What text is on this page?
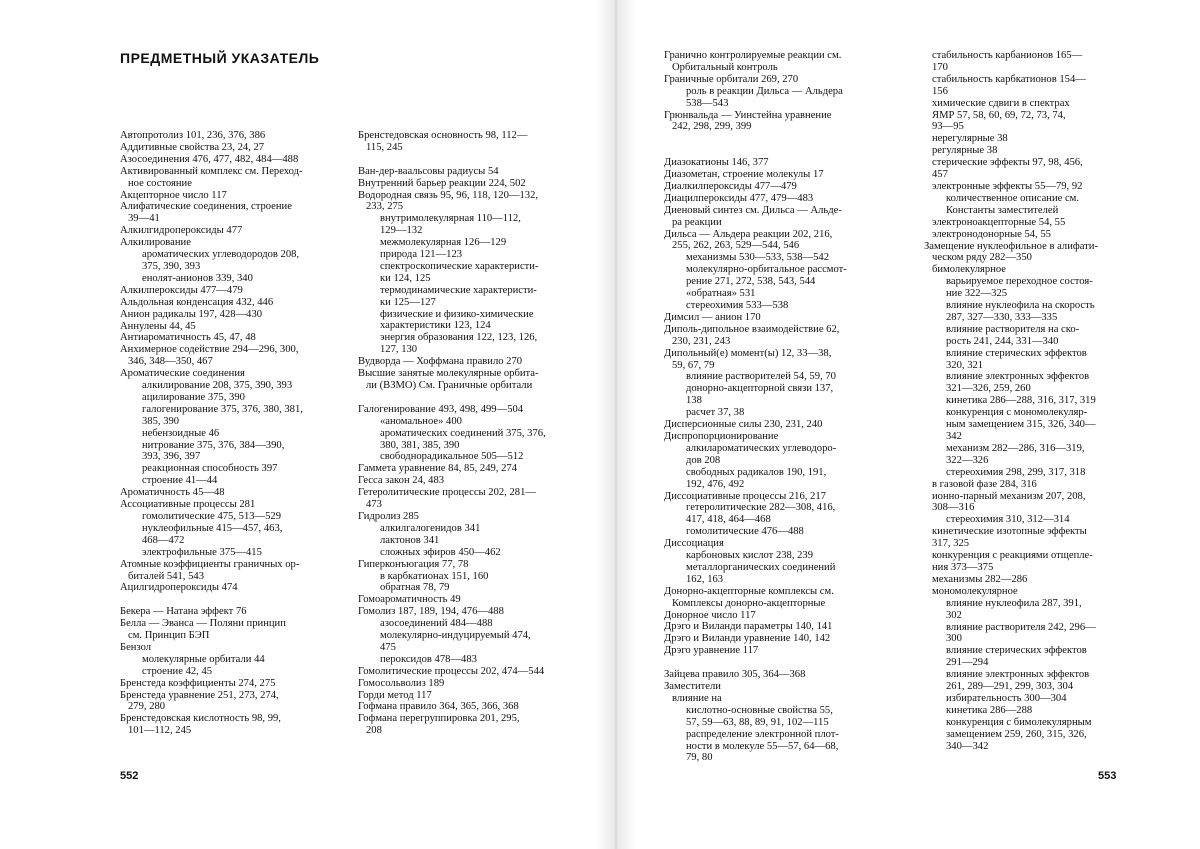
ПРЕДМЕТНЫЙ УКАЗАТЕЛЬ
Автопротолиз 101, 236, 376, 386
Аддитивные свойства 23, 24, 27
Азосоединения 476, 477, 482, 484—488
Активированный комплекс см. Переход-
ное состояние
Акцепторное число 117
Алифатические соединения, строение
39—41
Алкилгидропероксиды 477
Алкилирование
ароматических углеводородов 208,
375, 390, 393
енолят-анионов 339, 340
Алкилпероксиды 477—479
Альдольная конденсация 432, 446
Анион радикалы 197, 428—430
Аннулены 44, 45
Антиароматичность 45, 47, 48
Анхимерное содействие 294—296, 300,
346, 348—350, 467
Ароматические соединения
алкилирование 208, 375, 390, 393
ацилирование 375, 390
галогенирование 375, 376, 380, 381,
385, 390
небензоидные 46
нитрование 375, 376, 384—390,
393, 396, 397
реакционная способность 397
строение 41—44
Ароматичность 45—48
Ассоциативные процессы 281
гомолитические 475, 513—529
нуклеофильные 415—457, 463,
468—472
электрофильные 375—415
Атомные коэффициенты граничных ор-
биталей 541, 543
Ацилгидропероксиды 474
Бекера — Натана эффект 76
Белла — Эванса — Поляни принцип
см. Принцип БЭП
Бензол
молекулярные орбитали 44
строение 42, 45
Бренстеда коэффициенты 274, 275
Бренстеда уравнение 251, 273, 274,
279, 280
Бренстедовская кислотность 98, 99,
101—112, 245
Бренстедовская основность 98, 112—
115, 245
Ван-дер-ваальсовы радиусы 54
Внутренний барьер реакции 224, 502
Водородная связь 95, 96, 118, 120—132,
233, 275
внутримолекулярная 110—112,
129—132
межмолекулярная 126—129
природа 121—123
спектроскопические характеристи-
ки 124, 125
термодинамические характеристи-
ки 125—127
физические и физико-химические
характеристики 123, 124
энергия образования 122, 123, 126,
127, 130
Вудворда — Хоффмана правило 270
Высшие занятые молекулярные орбита-
ли (ВЗМО) См. Граничные орбитали
Галогенирование 493, 498, 499—504
«аномальное» 400
ароматических соединений 375, 376,
380, 381, 385, 390
свободнорадикальное 505—512
Гаммета уравнение 84, 85, 249, 274
Гесса закон 24, 483
Гетеролитические процессы 202, 281—
473
Гидролиз 285
алкилгалогенидов 341
лактонов 341
сложных эфиров 450—462
Гиперконъюгация 77, 78
в карбкатионах 151, 160
обратная 78, 79
Гомоароматичность 49
Гомолиз 187, 189, 194, 476—488
азосоединений 484—488
молекулярно-индуцируемый 474,
475
пероксидов 478—483
Гомолитические процессы 202, 474—544
Гомосольволиз 189
Горди метод 117
Гофмана правило 364, 365, 366, 368
Гофмана перегруппировка 201, 295,
208
Гранично контролируемые реакции см.
Орбитальный контроль
Граничные орбитали 269, 270
роль в реакции Дильса — Альдера
538—543
Грюнвальда — Уинстейна уравнение
242, 298, 299, 399
Диазокатионы 146, 377
Диазометан, строение молекулы 17
Диалкилпероксиды 477—479
Диацилпероксиды 477, 479—483
Диеновый синтез см. Дильса — Альде-
ра реакции
Дильса — Альдера реакции 202, 216,
255, 262, 263, 529—544, 546
механизмы 530—533, 538—542
молекулярно-орбитальное рассмот-
рение 271, 272, 538, 543, 544
«обратная» 531
стереохимия 533—538
Димсил — анион 170
Диполь-дипольное взаимодействие 62,
230, 231, 243
Дипольный(е) момент(ы) 12, 33—38,
59, 67, 79
влияние растворителей 54, 59, 70
донорно-акцепторной связи 137,
138
расчет 37, 38
Дисперсионные силы 230, 231, 240
Диспропорционирование
алкилароматических углеводоро-
дов 208
свободных радикалов 190, 191,
192, 476, 492
Диссоциативные процессы 216, 217
гетеролитические 282—308, 416,
417, 418, 464—468
гомолитические 476—488
Диссоциация
карбоновых кислот 238, 239
металлорганических соединений
162, 163
Донорно-акцепторные комплексы см.
Комплексы донорно-акцепторные
Донорное число 117
Дрэго и Виланди параметры 140, 141
Дрэго и Виланди уравнение 140, 142
Дрэго уравнение 117
Зайцева правило 305, 364—368
Заместители
влияние на
кислотно-основные свойства 55,
57, 59—63, 88, 89, 91, 102—115
распределение электронной плот-
ности в молекуле 55—57, 64—68,
79, 80
стабильность карбанионов 165—
170
стабильность карбкатионов 154—
156
химические сдвиги в спектрах
ЯМР 57, 58, 60, 69, 72, 73, 74,
93—95
нерегулярные 38
регулярные 38
стерические эффекты 97, 98, 456,
457
электронные эффекты 55—79, 92
количественное описание см.
Константы заместителей
электроноакцепторные 54, 55
электронодонорные 54, 55
Замещение нуклеофильное в алифати-
ческом ряду 282—350
бимолекулярное
варьируемое переходное состоя-
ние 322—325
влияние нуклеофила на скорость
287, 327—330, 333—335
влияние растворителя на ско-
рость 241, 244, 331—340
влияние стерических эффектов
320, 321
влияние электронных эффектов
321—326, 259, 260
кинетика 286—288, 316, 317, 319
конкуренция с мономолекуляр-
ным замещением 315, 326, 340—
342
механизм 282—286, 316—319,
322—326
стереохимия 298, 299, 317, 318
в газовой фазе 284, 316
ионно-парный механизм 207, 208,
308—316
стереохимия 310, 312—314
кинетические изотопные эффекты
317, 325
конкуренция с реакциями отщепле-
ния 373—375
механизмы 282—286
мономолекулярное
влияние нуклеофила 287, 391,
302
влияние растворителя 242, 296—
300
влияние стерических эффектов
291—294
влияние электронных эффектов
261, 289—291, 299, 303, 304
избирательность 300—304
кинетика 286—288
конкуренция с бимолекулярным
замещением 259, 260, 315, 326,
340—342
552	553
